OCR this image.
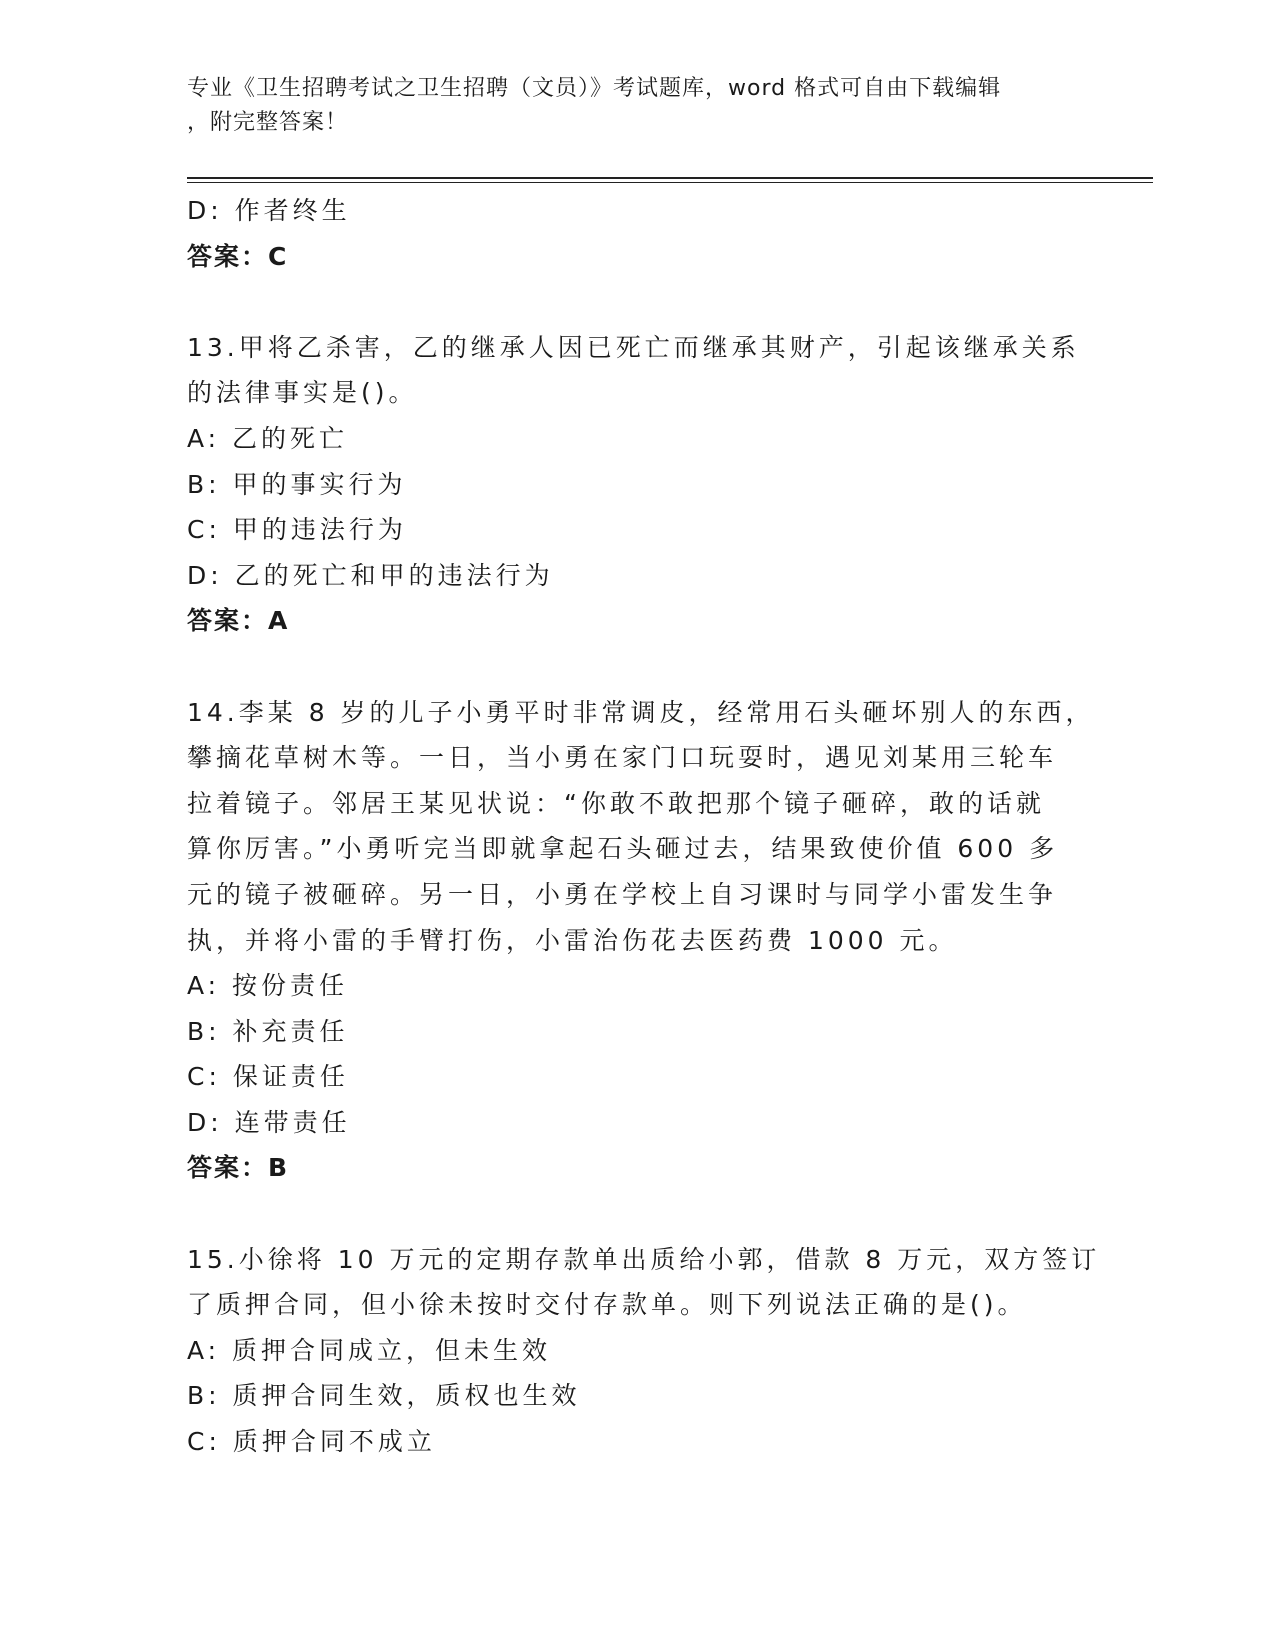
专业《卫生招聘考试之卫生招聘（文员）》考试题库，word 格式可自由下载编辑
，附完整答案！
D: 作者终生
答案：C
13.甲将乙杀害，乙的继承人因已死亡而继承其财产，引起该继承关系
的法律事实是()。
A: 乙的死亡
B: 甲的事实行为
C: 甲的违法行为
D: 乙的死亡和甲的违法行为
答案：A
14.李某 8 岁的儿子小勇平时非常调皮，经常用石头砸坏别人的东西，
攀摘花草树木等。一日，当小勇在家门口玩耍时，遇见刘某用三轮车
拉着镜子。邻居王某见状说：“你敢不敢把那个镜子砸碎，敢的话就
算你厉害。”小勇听完当即就拿起石头砸过去，结果致使价值 600 多
元的镜子被砸碎。另一日，小勇在学校上自习课时与同学小雷发生争
执，并将小雷的手臂打伤，小雷治伤花去医药费 1000 元。
A: 按份责任
B: 补充责任
C: 保证责任
D: 连带责任
答案：B
15.小徐将 10 万元的定期存款单出质给小郭，借款 8 万元，双方签订
了质押合同，但小徐未按时交付存款单。则下列说法正确的是()。
A: 质押合同成立，但未生效
B: 质押合同生效，质权也生效
C: 质押合同不成立
